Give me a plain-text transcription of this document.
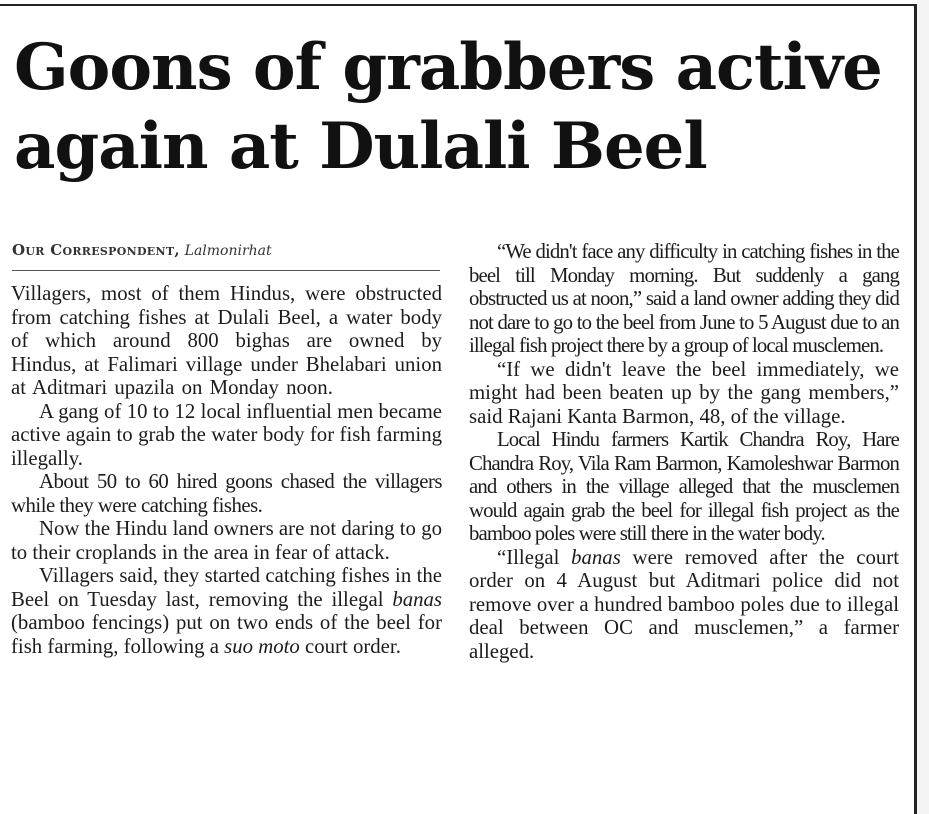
Goons of grabbers active
again at Dulali Beel
Our Correspondent, Lalmonirhat

Villagers, most of them Hindus, were obstructed from catching fishes at Dulali Beel, a water body of which around 800 bighas are owned by Hindus, at Falimari village under Bhelabari union at Aditmari upazila on Monday noon.

A gang of 10 to 12 local influential men became active again to grab the water body for fish farming illegally.

About 50 to 60 hired goons chased the villagers while they were catching fishes.

Now the Hindu land owners are not daring to go to their croplands in the area in fear of attack.

Villagers said, they started catching fishes in the Beel on Tuesday last, removing the illegal banas (bamboo fencings) put on two ends of the beel for fish farming, following a suo moto court order.

“We didn't face any difficulty in catching fishes in the beel till Monday morning. But suddenly a gang obstructed us at noon,” said a land owner adding they did not dare to go to the beel from June to 5 August due to an illegal fish project there by a group of local musclemen.

“If we didn't leave the beel immediately, we might had been beaten up by the gang members,” said Rajani Kanta Barmon, 48, of the village.

Local Hindu farmers Kartik Chandra Roy, Hare Chandra Roy, Vila Ram Barmon, Kamoleshwar Barmon and others in the village alleged that the musclemen would again grab the beel for illegal fish project as the bamboo poles were still there in the water body.

“Illegal banas were removed after the court order on 4 August but Aditmari police did not remove over a hundred bamboo poles due to illegal deal between OC and musclemen,” a farmer alleged.
